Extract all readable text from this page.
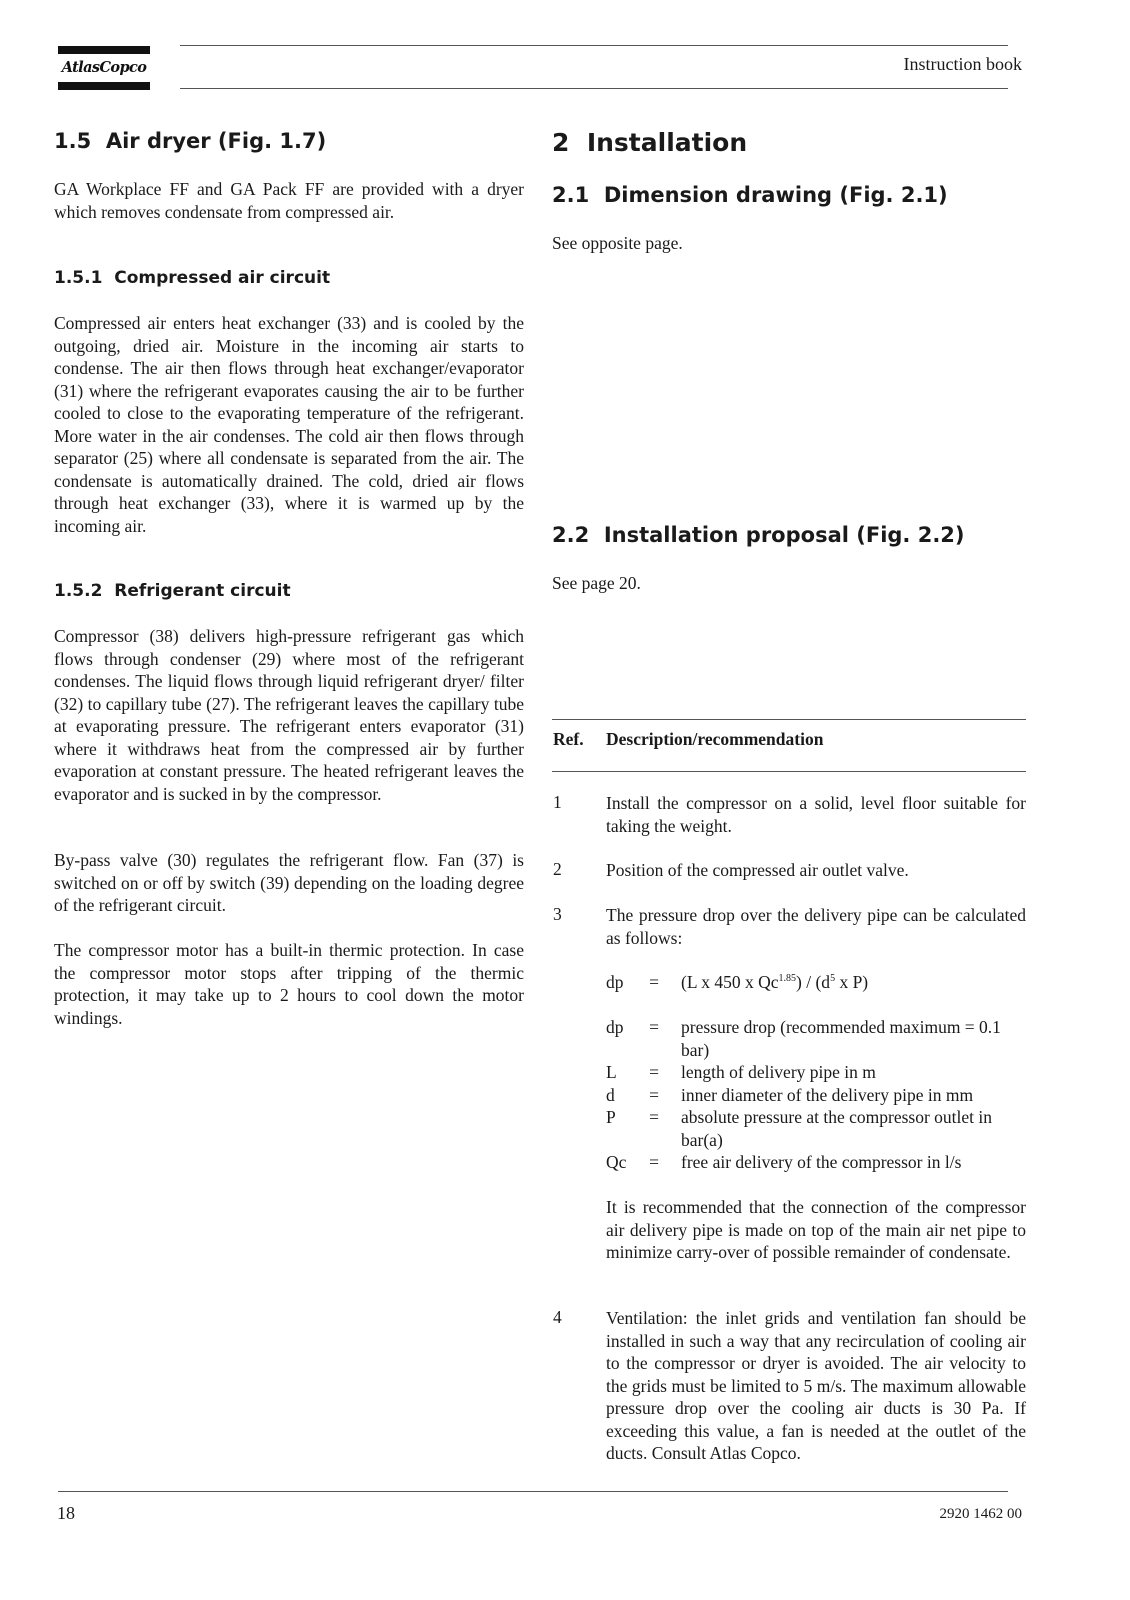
AtlasCopco	Instruction book
1.5 Air dryer (Fig. 1.7)

GA Workplace FF and GA Pack FF are provided with a dryer which removes condensate from compressed air.

1.5.1 Compressed air circuit

Compressed air enters heat exchanger (33) and is cooled by the outgoing, dried air. Moisture in the incoming air starts to condense. The air then flows through heat exchanger/evaporator (31) where the refrigerant evaporates causing the air to be further cooled to close to the evaporating temperature of the refrigerant. More water in the air condenses. The cold air then flows through separator (25) where all condensate is separated from the air. The condensate is automatically drained. The cold, dried air flows through heat exchanger (33), where it is warmed up by the incoming air.

1.5.2 Refrigerant circuit

Compressor (38) delivers high-pressure refrigerant gas which flows through condenser (29) where most of the refrigerant condenses. The liquid flows through liquid refrigerant dryer/ filter (32) to capillary tube (27). The refrigerant leaves the capillary tube at evaporating pressure. The refrigerant enters evaporator (31) where it withdraws heat from the compressed air by further evaporation at constant pressure. The heated refrigerant leaves the evaporator and is sucked in by the compressor.

By-pass valve (30) regulates the refrigerant flow. Fan (37) is switched on or off by switch (39) depending on the loading degree of the refrigerant circuit.

The compressor motor has a built-in thermic protection. In case the compressor motor stops after tripping of the thermic protection, it may take up to 2 hours to cool down the motor windings.

2 Installation
2.1 Dimension drawing (Fig. 2.1)

See opposite page.

2.2 Installation proposal (Fig. 2.2)

See page 20.

Ref. Description/recommendation
1	Install the compressor on a solid, level floor suitable for taking the weight.

2	Position of the compressed air outlet valve.

3	The pressure drop over the delivery pipe can be calculated as follows:

dp	= (L x 450 x $Qc^{1.85}) / (d^5$ x P)
dp	= pressure drop (recommended maximum = 0.1 bar)
L	= length of delivery pipe in m
d	= inner diameter of the delivery pipe in mm
P	= absolute pressure at the compressor outlet in bar(a)
Qc	= free air delivery of the compressor in l/s

It is recommended that the connection of the compressor air delivery pipe is made on top of the main air net pipe to minimize carry-over of possible remainder of condensate.

4	Ventilation: the inlet grids and ventilation fan should be installed in such a way that any recirculation of cooling air to the compressor or dryer is avoided. The air velocity to the grids must be limited to 5 m/s. The maximum allowable pressure drop over the cooling air ducts is 30 Pa. If exceeding this value, a fan is needed at the outlet of the ducts. Consult Atlas Copco.

18	2920 1462 00
